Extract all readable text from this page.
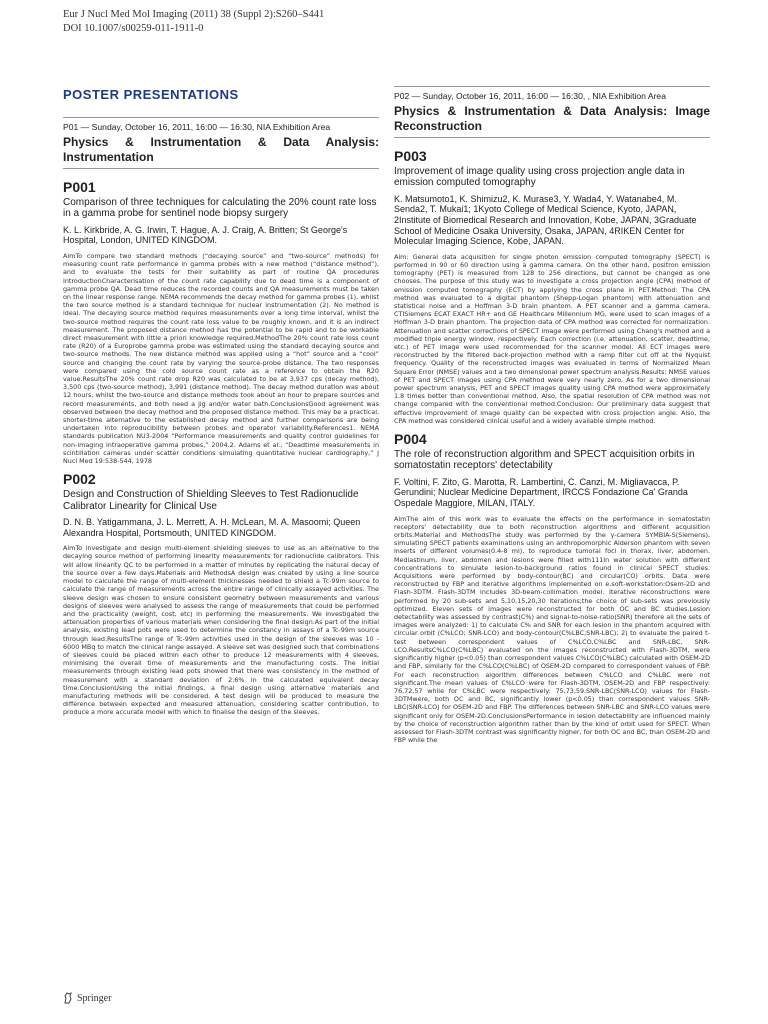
Eur J Nucl Med Mol Imaging (2011) 38 (Suppl 2):S260–S441
DOI 10.1007/s00259-011-1911-0
POSTER PRESENTATIONS
P01 — Sunday, October 16, 2011, 16:00 — 16:30, NIA Exhibition Area
Physics & Instrumentation & Data Analysis: Instrumentation
P001
Comparison of three techniques for calculating the 20% count rate loss in a gamma probe for sentinel node biopsy surgery
K. L. Kirkbride, A. G. Irwin, T. Hague, A. J. Craig, A. Britten; St George's Hospital, London, UNITED KINGDOM.
AimTo compare two standard methods (“decaying source” and “two-source” methods) for measuring count rate performance in gamma probes with a new method (“distance method”), and to evaluate the tests for their suitability as part of routine QA procedures IntroductionCharacterisation of the count rate capability due to dead time is a component of gamma probe QA. Dead time reduces the recorded counts and QA measurements must be taken on the linear response range. NEMA recommends the decay method for gamma probes (1), whilst the two source method is a standard technique for nuclear instrumentation (2). No method is ideal. The decaying source method requires measurements over a long time interval, whilst the two-source method requires the count rate loss value to be roughly known, and it is an indirect measurement. The proposed distance method has the potential to be rapid and to be workable direct measurement with little a priori knowledge required.MethodThe 20% count rate loss count rate (R20) of a Europrobe gamma probe was estimated using the standard decaying source and two-source methods. The new distance method was applied using a “hot” source and a “cool” source and changing the count rate by varying the source-probe distance. The two responses were compared using the cold source count rate as a reference to obtain the R20 value.ResultsThe 20% count rate drop R20 was calculated to be at 3,937 cps (decay method), 3,500 cps (two-source method), 3,991 (distance method). The decay method duration was about 12 hours, whilst the two-source and distance methods took about an hour to prepare sources and record measurements, and both need a jig and/or water bath.ConclusionsGood agreement was observed between the decay method and the proposed distance method. This may be a practical, shorter-time alternative to the established decay method and further comparisons are being undertaken into reproducibility between probes and operator variability.References1. NEMA standards publication NU3-2004 “Performance measurements and quality control guidelines for non-imaging intraoperative gamma probes,” 2004.2. Adams et al., “Deadtime measurements in scintillation cameras under scatter conditions simulating quantitative nuclear cardiography,” J Nucl Med 19:538-544, 1978
P002
Design and Construction of Shielding Sleeves to Test Radionuclide Calibrator Linearity for Clinical Use
D. N. B. Yatigammana, J. L. Merrett, A. H. McLean, M. A. Masoomi; Queen Alexandra Hospital, Portsmouth, UNITED KINGDOM.
AimTo investigate and design multi-element shielding sleeves to use as an alternative to the decaying source method of performing linearity measurements for radionuclide calibrators. This will allow linearity QC to be performed in a matter of minutes by replicating the natural decay of the source over a few days.Materials and MethodsA design was created by using a line source model to calculate the range of multi-element thicknesses needed to shield a Tc-99m source to calculate the range of measurements across the entire range of clinically assayed activities. The sleeve design was chosen to ensure consistent geometry between measurements and various designs of sleeves were analysed to assess the range of measurements that could be performed and the practicality (weight, cost, etc) in performing the measurements. We investigated the attenuation properties of various materials when considering the final design.As part of the initial analysis, existing lead pots were used to determine the constancy in assays of a Tc-99m source through lead.ResultsThe range of Tc-99m activities used in the design of the sleeves was 10 - 6000 MBq to match the clinical range assayed. A sleeve set was designed such that combinations of sleeves could be placed within each other to produce 12 measurements with 4 sleeves, minimising the overall time of measurements and the manufacturing costs. The initial measurements through existing lead pots showed that there was consistency in the method of measurement with a standard deviation of 2.6% in the calculated equivalent decay time.ConclusionUsing the initial findings, a final design using alternative materials and manufacturing methods will be considered. A test design will be produced to measure the difference between expected and measured attenuation, considering scatter contribution, to produce a more accurate model with which to finalise the design of the sleeves.
P02 — Sunday, October 16, 2011, 16:00 — 16:30, , NIA Exhibition Area
Physics & Instrumentation & Data Analysis: Image Reconstruction
P003
Improvement of image quality using cross projection angle data in emission computed tomography
K. Matsumoto1, K. Shimizu2, K. Murase3, Y. Wada4, Y. Watanabe4, M. Senda2, T. Mukai1; 1Kyoto College of Medical Science, Kyoto, JAPAN, 2Institute of Biomedical Research and Innovation, Kobe, JAPAN, 3Graduate School of Medicine Osaka University, Osaka, JAPAN, 4RIKEN Center for Molecular Imaging Science, Kobe, JAPAN.
Aim: General data acquisition for single photon emission computed tomography (SPECT) is performed in 90 or 60 direction using a gamma camera. On the other hand, positron emission tomography (PET) is measured from 128 to 256 directions, but cannot be changed as one chooses. The purpose of this study was to investigate a cross projection angle (CPA) method of emission computed tomography (ECT) by applying the cross plane in PET.Method: The CPA method was evaluated to a digital phantom (Shepp-Logan phantom) with attenuation and statistical noise and a Hoffman 3-D brain phantom. A PET scanner and a gamma camera, CTISiemens ECAT EXACT HR+ and GE Healthcare Millennium MG, were used to scan images of a Hoffman 3-D brain phantom. The projection data of CPA method was corrected for normalization. Attenuation and scatter corrections of SPECT image were performed using Chang's method and a modified triple energy window, respectively. Each correction (i.e. attenuation, scatter, deadtime, etc.) of PET image were used recommended for the scanner model. All ECT images were reconstructed by the filtered back-projection method with a ramp filter cut off at the Nyquist frequency. Quality of the reconstructed images was evaluated in terms of Normalized Mean Square Error (NMSE) values and a two dimensional power spectrum analysis.Results: NMSE values of PET and SPECT images using CPA method were very nearly zero. As for a two dimensional power spectrum analysis, PET and SPECT images quality using CPA method were approximately 1.8 times better than conventional method. Also, the spatial resolution of CPA method was not change compared with the conventional method.Conclusion: Our preliminary data suggest that effective improvement of image quality can be expected with cross projection angle. Also, the CPA method was considered clinical useful and a widely available simple method.
P004
The role of reconstruction algorithm and SPECT acquisition orbits in somatostatin receptors' detectability
F. Voltini, F. Zito, G. Marotta, R. Lambertini, C. Canzi, M. Migliavacca, P. Gerundini; Nuclear Medicine Department, IRCCS Fondazione Ca' Granda Ospedale Maggiore, MILAN, ITALY.
AimThe aim of this work was to evaluate the effects on the performance in somatostatin receptors' detectability due to both reconstruction algorithms and different acquisition orbits.Material and MethodsThe study was performed by the γ-camera SYMBIA-S(Siemens), simulating SPECT patients examinations using an anthropomorphic Alderson phantom with seven inserts of different volumes(0.4-8 ml), to reproduce tumoral foci in thorax, liver, abdomen. Mediastinum, liver, abdomen and lesions were filled with111In water solution with different concentrations to simulate lesion-to-background ratios found in clinical SPECT studies. Acquisitions were performed by body-contour(BC) and circular(CO) orbits. Data were reconstructed by FBP and iterative algorithms implemented on e.soft-workstation:Osem-2D and Flash-3DTM. Flash-3DTM includes 3D-beam-collimation model. Iterative reconstructions were performed by 20 sub-sets and 5,10,15,20,30 iterations;the choice of sub-sets was previously optimized. Eleven sets of images were reconstructed for both OC and BC studies.Lesion detectability was assessed by contrast(C%) and signal-to-noise-ratio(SNR) therefore all the sets of images were analyzed: 1) to calculate C% and SNR for each lesion in the phantom acquired with circular orbit (C%LCO; SNR-LCO) and body-contour(C%LBC;SNR-LBC); 2) to evaluate the paired t-test between correspondent values of C%LCO,C%LBC and SNR-LBC, SNR-LCO.ResultsC%LCO(C%LBC) evaluated on the images reconstructed with Flash-3DTM, were significantly higher (p<0.05) than correspondent values C%LCO(C%LBC) calculated with OSEM-2D and FBP, similarly for the C%LCO(C%LBC) of OSEM-2D compared to correspondent values of FBP. For each reconstruction algorithm differences between C%LCO and C%LBC were not significant.The mean values of C%LCO were for Flash-3DTM, OSEM-2D and FBP respectively: 76,72,57 while for C%LBC were respectively: 75,73,59.SNR-LBC(SNR-LCO) values for Flash-3DTMwere, both OC and BC, significantly lower (p<0.05) than correspondent values SNR-LBC(SNR-LCO) for OSEM-2D and FBP. The differences between SNR-LBC and SNR-LCO values were significant only for OSEM-2D.ConclusionsPerformance in lesion detectability are influenced mainly by the choice of reconstruction algorithm rather than by the kind of orbit used for SPECT. When assessed for Flash-3DTM contrast was significantly higher, for both OC and BC, than OSEM-2D and FBP while the
Springer
